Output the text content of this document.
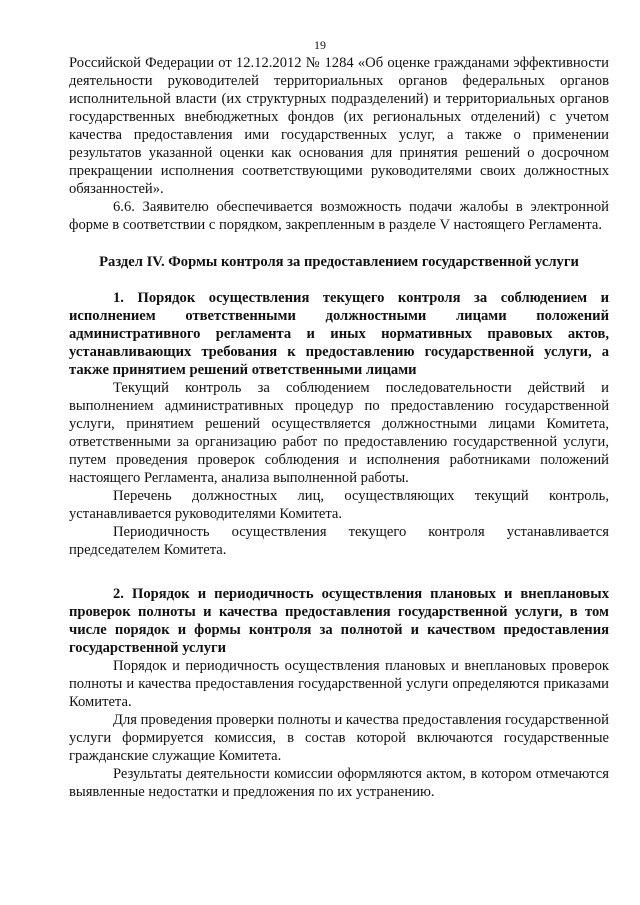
19

Российской Федерации от 12.12.2012 № 1284 «Об оценке гражданами эффективности деятельности руководителей территориальных органов федеральных органов исполнительной власти (их структурных подразделений) и территориальных органов государственных внебюджетных фондов (их региональных отделений) с учетом качества предоставления ими государственных услуг, а также о применении результатов указанной оценки как основания для принятия решений о досрочном прекращении исполнения соответствующими руководителями своих должностных обязанностей».

6.6. Заявителю обеспечивается возможность подачи жалобы в электронной форме в соответствии с порядком, закрепленным в разделе V настоящего Регламента.

Раздел IV. Формы контроля за предоставлением государственной услуги
1. Порядок осуществления текущего контроля за соблюдением и исполнением ответственными должностными лицами положений административного регламента и иных нормативных правовых актов, устанавливающих требования к предоставлению государственной услуги, а также принятием решений ответственными лицами

Текущий контроль за соблюдением последовательности действий и выполнением административных процедур по предоставлению государственной услуги, принятием решений осуществляется должностными лицами Комитета, ответственными за организацию работ по предоставлению государственной услуги, путем проведения проверок соблюдения и исполнения работниками положений настоящего Регламента, анализа выполненной работы.

Перечень должностных лиц, осуществляющих текущий контроль, устанавливается руководителями Комитета.

Периодичность осуществления текущего контроля устанавливается председателем Комитета.

2. Порядок и периодичность осуществления плановых и внеплановых проверок полноты и качества предоставления государственной услуги, в том числе порядок и формы контроля за полнотой и качеством предоставления государственной услуги

Порядок и периодичность осуществления плановых и внеплановых проверок полноты и качества предоставления государственной услуги определяются приказами Комитета.

Для проведения проверки полноты и качества предоставления государственной услуги формируется комиссия, в состав которой включаются государственные гражданские служащие Комитета.

Результаты деятельности комиссии оформляются актом, в котором отмечаются выявленные недостатки и предложения по их устранению.
